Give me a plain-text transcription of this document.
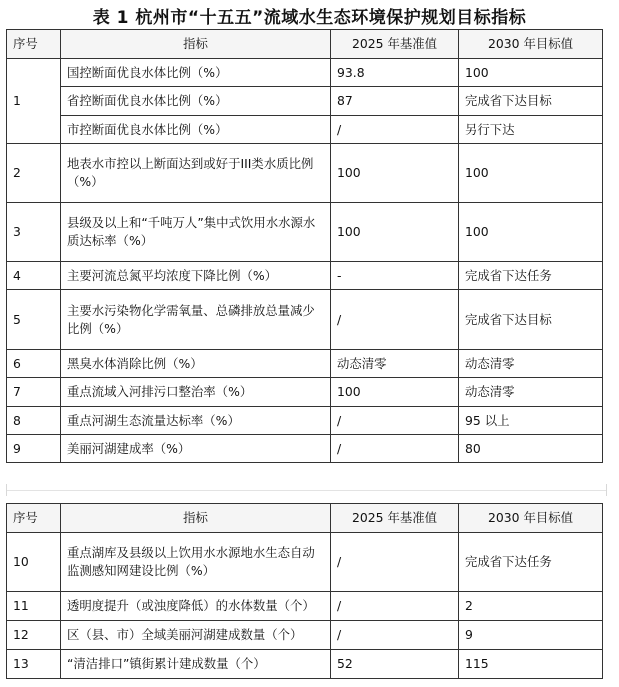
表 1 杭州市“十五五”流域水生态环境保护规划目标指标
序号	指标	2025 年基准值	2030 年目标值
1	国控断面优良水体比例（%）	93.8	100
	省控断面优良水体比例（%）	87	完成省下达目标
	市控断面优良水体比例（%）	/	另行下达
2	地表水市控以上断面达到或好于III类水质比例（%）	100	100
3	县级及以上和“千吨万人”集中式饮用水水源水质达标率（%）	100	100
4	主要河流总氮平均浓度下降比例（%）	-	完成省下达任务
5	主要水污染物化学需氧量、总磷排放总量减少比例（%）	/	完成省下达目标
6	黑臭水体消除比例（%）	动态清零	动态清零
7	重点流域入河排污口整治率（%）	100	动态清零
8	重点河湖生态流量达标率（%）	/	95 以上
9	美丽河湖建成率（%）	/	80
序号	指标	2025 年基准值	2030 年目标值
10	重点湖库及县级以上饮用水水源地水生态自动监测感知网建设比例（%）	/	完成省下达任务
11	透明度提升（或浊度降低）的水体数量（个）	/	2
12	区（县、市）全域美丽河湖建成数量（个）	/	9
13	“清洁排口”镇街累计建成数量（个）	52	115
